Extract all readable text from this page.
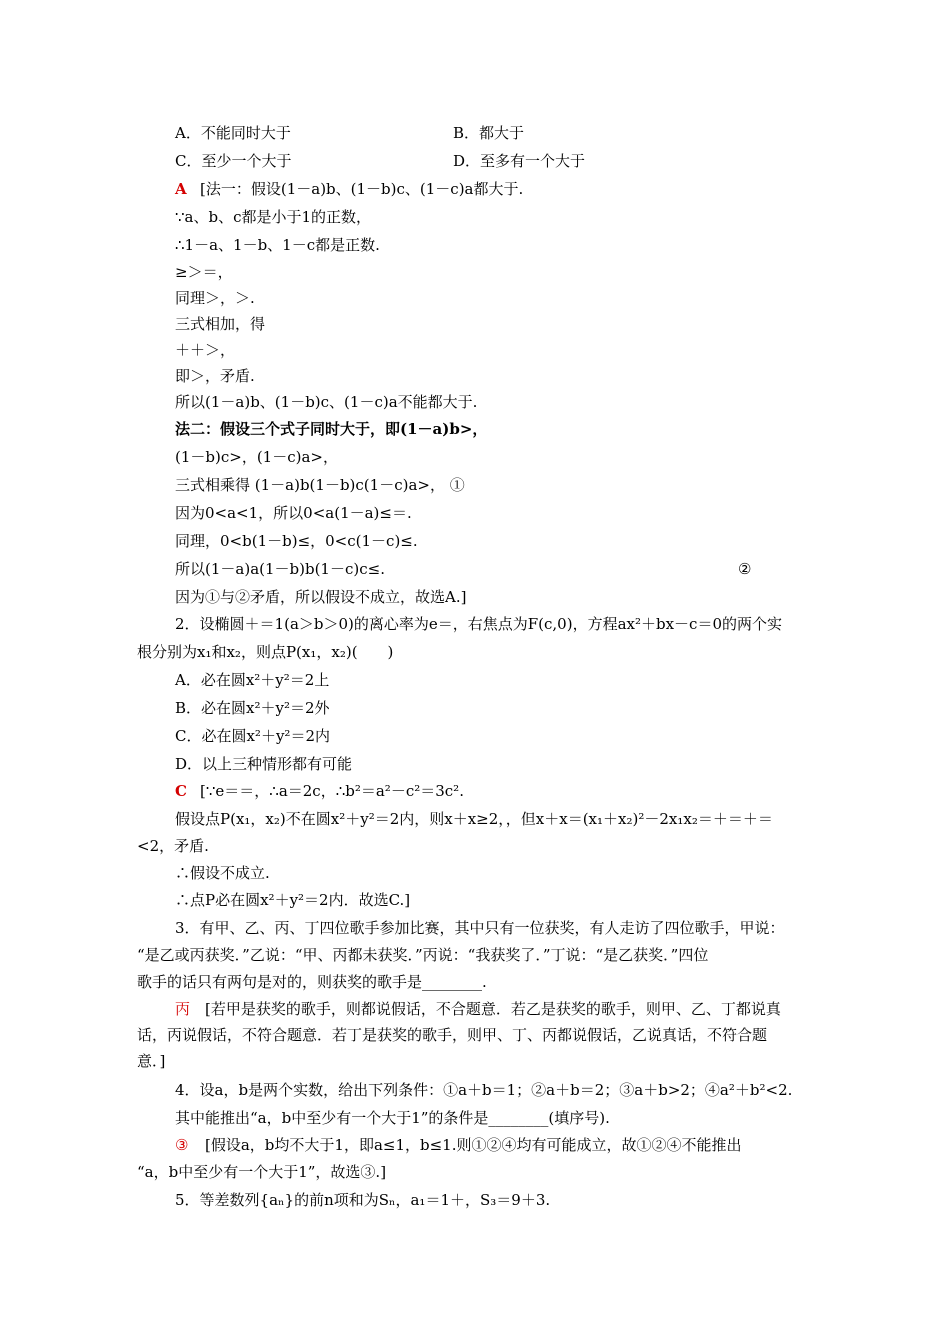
A．不能同时大于	B．都大于
C．至少一个大于	D．至多有一个大于
A [法一：假设(1－a)b、(1－b)c、(1－c)a都大于.
∵a、b、c都是小于1的正数，
∴1－a、1－b、1－c都是正数.
≥＞＝，
同理＞，＞.
三式相加，得
＋＋＞，
即＞，矛盾.
所以(1－a)b、(1－b)c、(1－c)a不能都大于.
法二：假设三个式子同时大于，即(1－a)b>，
(1－b)c>，(1－c)a>，
三式相乘得 (1－a)b(1－b)c(1－c)a>， ①
因为0<a<1，所以0<a(1－a)≤＝.
同理，0<b(1－b)≤，0<c(1－c)≤.
所以(1－a)a(1－b)b(1－c)c≤.	②
因为①与②矛盾，所以假设不成立，故选A.]
2．设椭圆＋＝1(a＞b＞0)的离心率为e＝，右焦点为F(c,0)，方程ax²＋bx－c＝0的两个实
根分别为x₁和x₂，则点P(x₁，x₂)(　　)
A．必在圆x²＋y²＝2上
B．必在圆x²＋y²＝2外
C．必在圆x²＋y²＝2内
D．以上三种情形都有可能
C [∵e＝＝，∴a＝2c，∴b²＝a²－c²＝3c².
假设点P(x₁，x₂)不在圆x²＋y²＝2内，则x＋x≥2，，但x＋x＝(x₁＋x₂)²－2x₁x₂＝＋＝＋＝
<2，矛盾.
∴假设不成立.
∴点P必在圆x²＋y²＝2内．故选C.]
3．有甲、乙、丙、丁四位歌手参加比赛，其中只有一位获奖，有人走访了四位歌手，甲说：
“是乙或丙获奖．”乙说：“甲、丙都未获奖．”丙说：“我获奖了．”丁说：“是乙获奖．”四位
歌手的话只有两句是对的，则获奖的歌手是________.
丙 [若甲是获奖的歌手，则都说假话，不合题意．若乙是获奖的歌手，则甲、乙、丁都说真
话，丙说假话，不符合题意．若丁是获奖的歌手，则甲、丁、丙都说假话，乙说真话，不符合题
意．]
4．设a，b是两个实数，给出下列条件：①a＋b＝1；②a＋b＝2；③a＋b>2；④a²＋b²<2.
其中能推出“a，b中至少有一个大于1”的条件是________(填序号).
③ [假设a，b均不大于1，即a≤1，b≤1.则①②④均有可能成立，故①②④不能推出
“a，b中至少有一个大于1”，故选③.]
5．等差数列{aₙ}的前n项和为Sₙ，a₁＝1＋，S₃＝9＋3.
